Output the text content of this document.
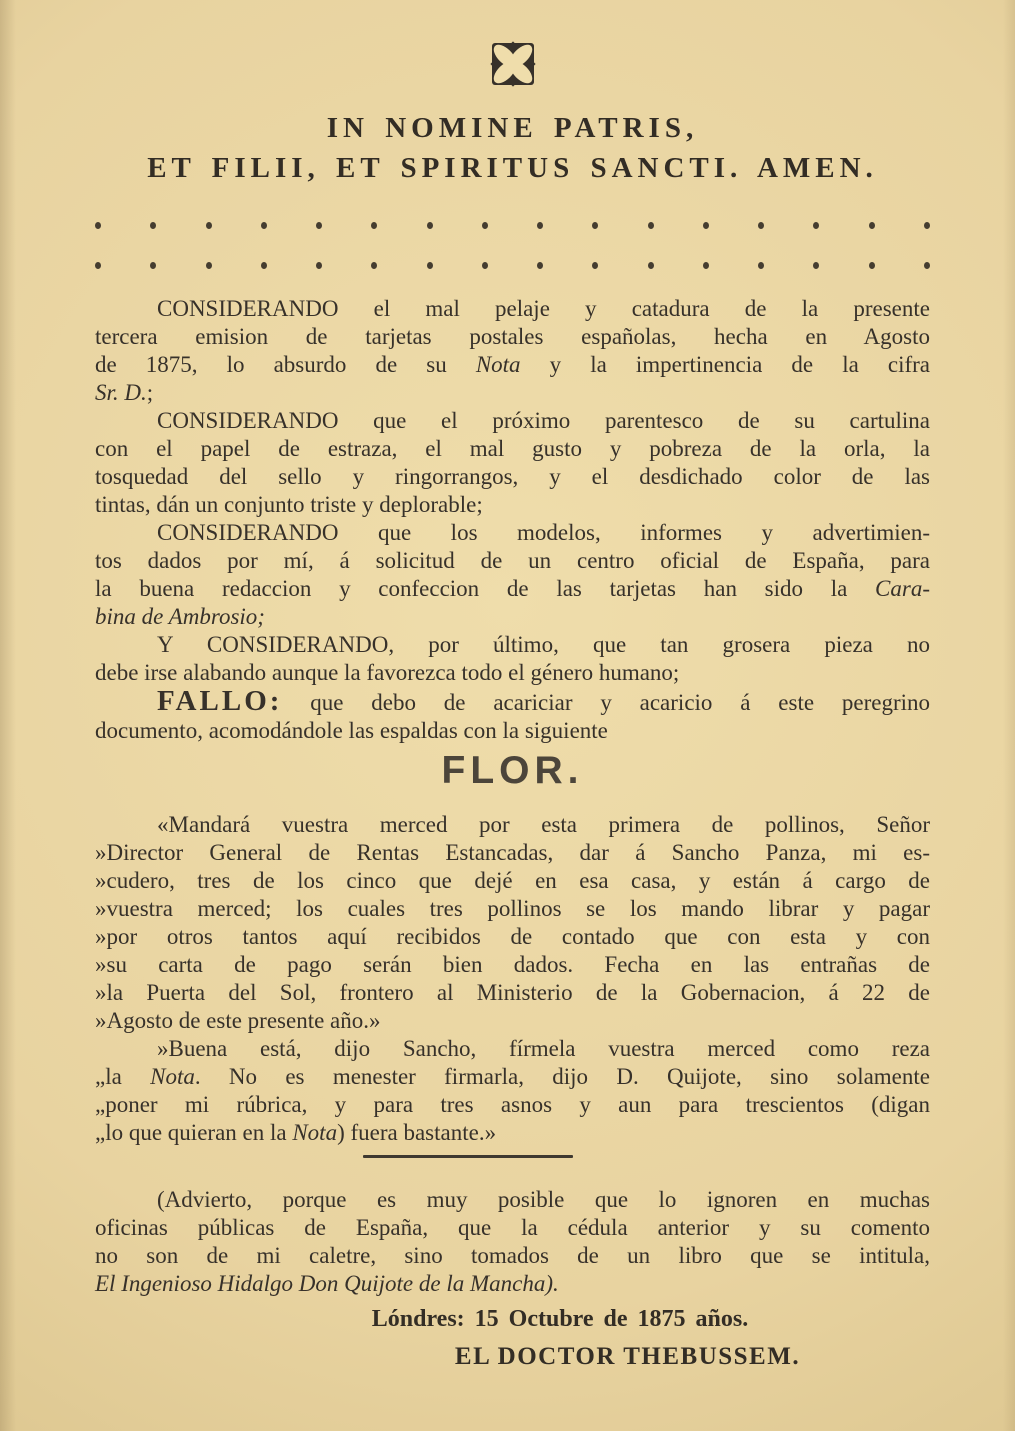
IN NOMINE PATRIS,
ET FILII, ET SPIRITUS SANCTI. AMEN.
CONSIDERANDO el mal pelaje y catadura de la presente
tercera emision de tarjetas postales españolas, hecha en Agosto
de 1875, lo absurdo de su Nota y la impertinencia de la cifra
Sr. D.;
CONSIDERANDO que el próximo parentesco de su cartulina
con el papel de estraza, el mal gusto y pobreza de la orla, la
tosquedad del sello y ringorrangos, y el desdichado color de las
tintas, dán un conjunto triste y deplorable;
CONSIDERANDO que los modelos, informes y advertimien-
tos dados por mí, á solicitud de un centro oficial de España, para
la buena redaccion y confeccion de las tarjetas han sido la Cara-
bina de Ambrosio;
Y CONSIDERANDO, por último, que tan grosera pieza no
debe irse alabando aunque la favorezca todo el género humano;
FALLO: que debo de acariciar y acaricio á este peregrino
documento, acomodándole las espaldas con la siguiente
FLOR.
«Mandará vuestra merced por esta primera de pollinos, Señor
»Director General de Rentas Estancadas, dar á Sancho Panza, mi es-
»cudero, tres de los cinco que dejé en esa casa, y están á cargo de
»vuestra merced; los cuales tres pollinos se los mando librar y pagar
»por otros tantos aquí recibidos de contado que con esta y con
»su carta de pago serán bien dados. Fecha en las entrañas de
»la Puerta del Sol, frontero al Ministerio de la Gobernacion, á 22 de
»Agosto de este presente año.»
»Buena está, dijo Sancho, fírmela vuestra merced como reza
„la Nota. No es menester firmarla, dijo D. Quijote, sino solamente
„poner mi rúbrica, y para tres asnos y aun para trescientos (digan
„lo que quieran en la Nota) fuera bastante.»
(Advierto, porque es muy posible que lo ignoren en muchas
oficinas públicas de España, que la cédula anterior y su comento
no son de mi caletre, sino tomados de un libro que se intitula,
El Ingenioso Hidalgo Don Quijote de la Mancha).
Lóndres: 15 Octubre de 1875 años.
EL DOCTOR THEBUSSEM.
